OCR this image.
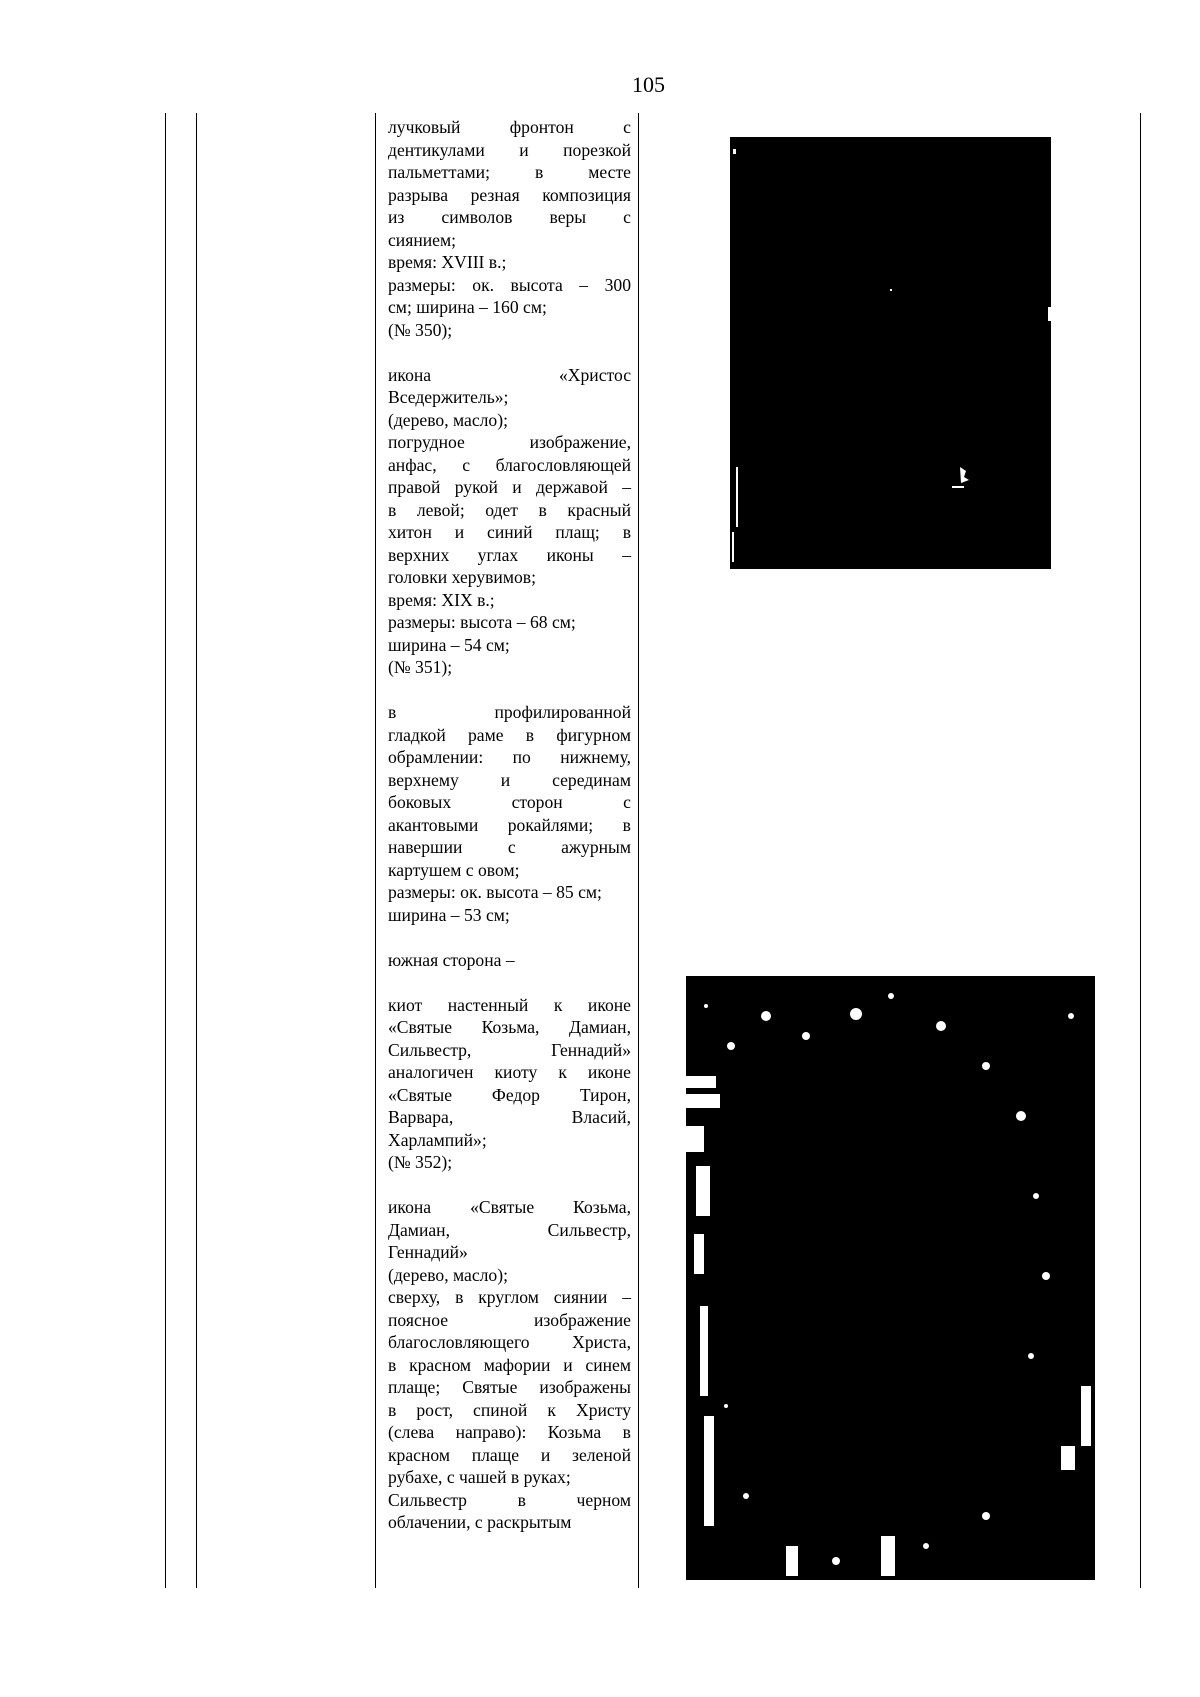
105
лучковый фронтон с
дентикулами и порезкой
пальметтами; в месте
разрыва резная композиция
из символов веры с
сиянием;
время: XVIII в.;
размеры: ок. высота – 300
см; ширина – 160 см;
(№ 350);
икона «Христос
Вседержитель»;
(дерево, масло);
погрудное изображение,
анфас, с благословляющей
правой рукой и державой –
в левой; одет в красный
хитон и синий плащ; в
верхних углах иконы –
головки херувимов;
время: XIX в.;
размеры: высота – 68 см;
ширина – 54 см;
(№ 351);
в профилированной
гладкой раме в фигурном
обрамлении: по нижнему,
верхнему и серединам
боковых сторон с
акантовыми рокайлями; в
навершии с ажурным
картушем с овом;
размеры: ок. высота – 85 см;
ширина – 53 см;
южная сторона –
киот настенный к иконе
«Святые Козьма, Дамиан,
Сильвестр, Геннадий»
аналогичен киоту к иконе
«Святые Федор Тирон,
Варвара, Власий,
Харлампий»;
(№ 352);
икона «Святые Козьма,
Дамиан, Сильвестр,
Геннадий»
(дерево, масло);
сверху, в круглом сиянии –
поясное изображение
благословляющего Христа,
в красном мафории и синем
плаще; Святые изображены
в рост, спиной к Христу
(слева направо): Козьма в
красном плаще и зеленой
рубахе, с чашей в руках;
Сильвестр в черном
облачении, с раскрытым
